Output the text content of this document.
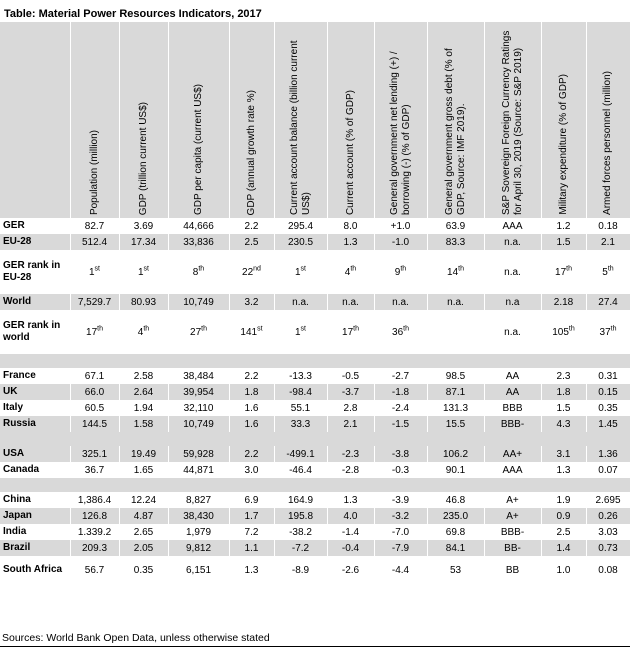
Table: Material Power Resources Indicators, 2017
	Population (million)	GDP (trillion current US$)	GDP per capita (current US$)	GDP (annual growth rate %)	Current account balance (billion current US$)	Current account (% of GDP)	General government net lending (+) / borrowing (-) (% of GDP)	General government gross debt (% of GDP, Source: IMF 2019).	S&P Sovereign Foreign Currency Ratings for April 30, 2019 (Source: S&P 2019)	Military expenditure (% of GDP)	Armed forces personnel (million)
GER	82.7	3.69	44,666	2.2	295.4	8.0	+1.0	63.9	AAA	1.2	0.18
EU-28	512.4	17.34	33,836	2.5	230.5	1.3	-1.0	83.3	n.a.	1.5	2.1
GER rank in EU-28	1st	1st	8th	22nd	1st	4th	9th	14th	n.a.	17th	5th
World	7,529.7	80.93	10,749	3.2	n.a.	n.a.	n.a.	n.a.	n.a	2.18	27.4
GER rank in world	17th	4th	27th	141st	1st	17th	36th		n.a.	105th	37th

France	67.1	2.58	38,484	2.2	-13.3	-0.5	-2.7	98.5	AA	2.3	0.31
UK	66.0	2.64	39,954	1.8	-98.4	-3.7	-1.8	87.1	AA	1.8	0.15
Italy	60.5	1.94	32,110	1.6	55.1	2.8	-2.4	131.3	BBB	1.5	0.35
Russia	144.5	1.58	10,749	1.6	33.3	2.1	-1.5	15.5	BBB-	4.3	1.45

USA	325.1	19.49	59,928	2.2	-499.1	-2.3	-3.8	106.2	AA+	3.1	1.36
Canada	36.7	1.65	44,871	3.0	-46.4	-2.8	-0.3	90.1	AAA	1.3	0.07

China	1,386.4	12.24	8,827	6.9	164.9	1.3	-3.9	46.8	A+	1.9	2.695
Japan	126.8	4.87	38,430	1.7	195.8	4.0	-3.2	235.0	A+	0.9	0.26
India	1.339.2	2.65	1,979	7.2	-38.2	-1.4	-7.0	69.8	BBB-	2.5	3.03
Brazil	209.3	2.05	9,812	1.1	-7.2	-0.4	-7.9	84.1	BB-	1.4	0.73
South Africa	56.7	0.35	6,151	1.3	-8.9	-2.6	-4.4	53	BB	1.0	0.08
Sources: World Bank Open Data, unless otherwise stated
